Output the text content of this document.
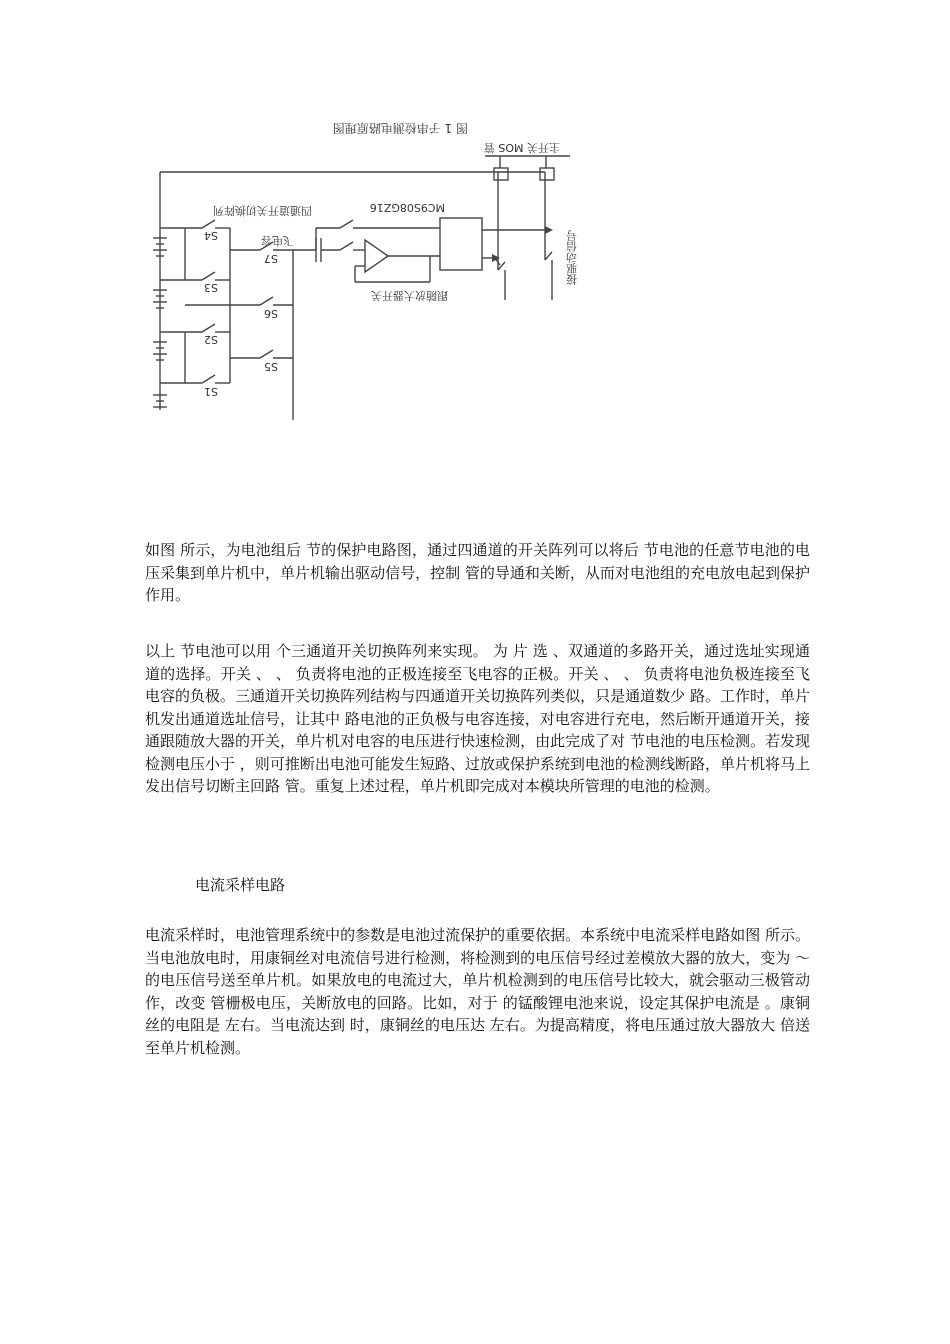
图 1 子串检测电路原理图
MC9S08GZ16
主开关 MOS 管
四通道开关切换阵列
飞电容
跟随放大器开关
接驱动信号
S4
S3
S2
S1
S7
S6
S5

如图 所示，为电池组后 节的保护电路图，通过四通道的开关阵列可以将后 节电池的任意节电池的电压采集到单片机中，单片机输出驱动信号，控制 管的导通和关断，从而对电池组的充电放电起到保护作用。

以上 节电池可以用 个三通道开关切换阵列来实现。 为 片 选 、双通道的多路开关，通过选址实现通道的选择。开关 、 、 负责将电池的正极连接至飞电容的正极。开关 、 、 负责将电池负极连接至飞电容的负极。三通道开关切换阵列结构与四通道开关切换阵列类似，只是通道数少 路。工作时，单片机发出通道选址信号，让其中 路电池的正负极与电容连接，对电容进行充电，然后断开通道开关，接通跟随放大器的开关，单片机对电容的电压进行快速检测，由此完成了对 节电池的电压检测。若发现检测电压小于 ，则可推断出电池可能发生短路、过放或保护系统到电池的检测线断路，单片机将马上发出信号切断主回路 管。重复上述过程，单片机即完成对本模块所管理的电池的检测。

电流采样电路

电流采样时，电池管理系统中的参数是电池过流保护的重要依据。本系统中电流采样电路如图 所示。当电池放电时，用康铜丝对电流信号进行检测，将检测到的电压信号经过差模放大器的放大，变为 ～ 的电压信号送至单片机。如果放电的电流过大，单片机检测到的电压信号比较大，就会驱动三极管动作，改变 管栅极电压，关断放电的回路。比如，对于 的锰酸锂电池来说，设定其保护电流是 。康铜丝的电阻是 左右。当电流达到 时，康铜丝的电压达 左右。为提高精度，将电压通过放大器放大 倍送至单片机检测。
